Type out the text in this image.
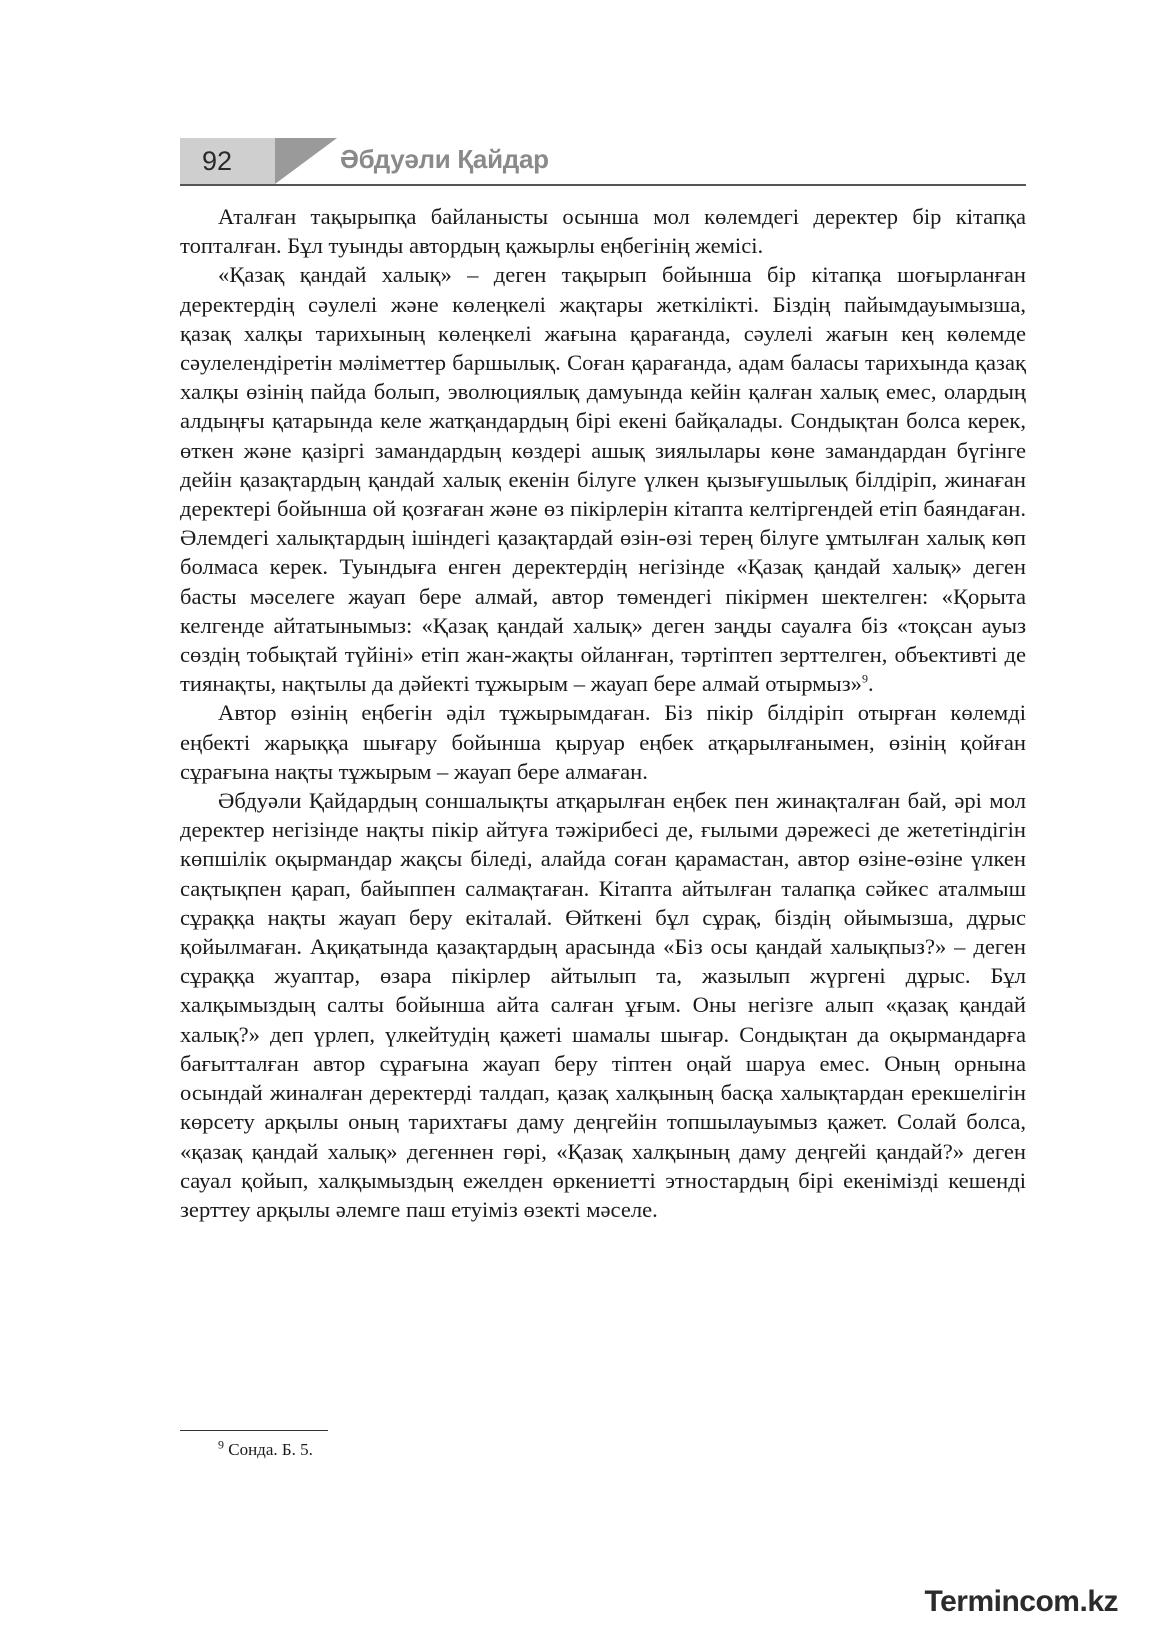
92	Әбдуәли Қайдар

Аталған тақырыпқа байланысты осынша мол көлемдегі деректер бір кітапқа топталған. Бұл туынды автордың қажырлы еңбегінің жемісі.

«Қазақ қандай халық» – деген тақырып бойынша бір кітапқа шоғырланған деректердің сәулелі және көлеңкелі жақтары жеткілікті. Біздің пайымдауымызша, қазақ халқы тарихының көлеңкелі жағына қарағанда, сәулелі жағын кең көлемде сәулелендіретін мәліметтер баршылық. Соған қарағанда, адам баласы тарихында қазақ халқы өзінің пайда болып, эволюциялық дамуында кейін қалған халық емес, олардың алдыңғы қатарында келе жатқандардың бірі екені байқалады. Сондықтан болса керек, өткен және қазіргі замандардың көздері ашық зиялылары көне замандардан бүгінге дейін қазақтардың қандай халық екенін білуге үлкен қызығушылық білдіріп, жинаған деректері бойынша ой қозғаған және өз пікірлерін кітапта келтіргендей етіп баяндаған. Әлемдегі халықтардың ішіндегі қазақтардай өзін-өзі терең білуге ұмтылған халық көп болмаса керек. Туындыға енген деректердің негізінде «Қазақ қандай халық» деген басты мәселеге жауап бере алмай, автор төмендегі пікірмен шектелген: «Қорыта келгенде айтатынымыз: «Қазақ қандай халық» деген заңды сауалға біз «тоқсан ауыз сөздің тобықтай түйіні» етіп жан-жақты ойланған, тәртіптеп зерттелген, объективті де тиянақты, нақтылы да дәйекті тұжырым – жауап бере алмай отырмыз»$^9$.

Автор өзінің еңбегін әділ тұжырымдаған. Біз пікір білдіріп отырған көлемді еңбекті жарыққа шығару бойынша қыруар еңбек атқарылғанымен, өзінің қойған сұрағына нақты тұжырым – жауап бере алмаған.

Әбдуәли Қайдардың соншалықты атқарылған еңбек пен жинақталған бай, әрі мол деректер негізінде нақты пікір айтуға тәжірибесі де, ғылыми дәрежесі де жететіндігін көпшілік оқырмандар жақсы біледі, алайда соған қарамастан, автор өзіне-өзіне үлкен сақтықпен қарап, байыппен салмақтаған. Кітапта айтылған талапқа сәйкес аталмыш сұраққа нақты жауап беру екіталай. Өйткені бұл сұрақ, біздің ойымызша, дұрыс қойылмаған. Ақиқатында қазақтардың арасында «Біз осы қандай халықпыз?» – деген сұраққа жуаптар, өзара пікірлер айтылып та, жазылып жүргені дұрыс. Бұл халқымыздың салты бойынша айта салған ұғым. Оны негізге алып «қазақ қандай халық?» деп үрлеп, үлкейтудің қажеті шамалы шығар. Сондықтан да оқырмандарға бағытталған автор сұрағына жауап беру тіптен оңай шаруа емес. Оның орнына осындай жиналған деректерді талдап, қазақ халқының басқа халықтардан ерекшелігін көрсету арқылы оның тарихтағы даму деңгейін топшылауымыз қажет. Солай болса, «қазақ қандай халық» дегеннен гөрі, «Қазақ халқының даму деңгейі қандай?» деген сауал қойып, халқымыздың ежелден өркениетті этностардың бірі екенімізді кешенді зерттеу арқылы әлемге паш етуіміз өзекті мәселе.

$^9$ Сонда. Б. 5.
Termincom.kz
